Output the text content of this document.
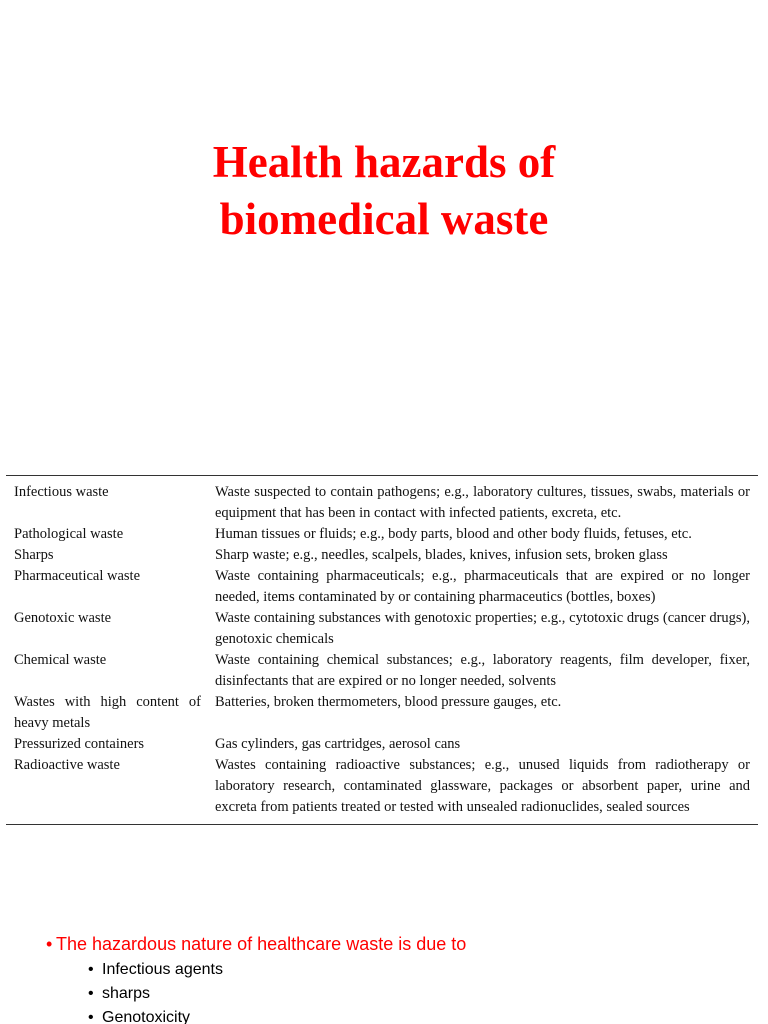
Health hazards of
biomedical waste
Infectious waste	Waste suspected to contain pathogens; e.g., laboratory cultures, tissues, swabs, materials or equipment that has been in contact with infected patients, excreta, etc.
Pathological waste	Human tissues or fluids; e.g., body parts, blood and other body fluids, fetuses, etc.
Sharps	Sharp waste; e.g., needles, scalpels, blades, knives, infusion sets, broken glass
Pharmaceutical waste	Waste containing pharmaceuticals; e.g., pharmaceuticals that are expired or no longer needed, items contaminated by or containing pharmaceutics (bottles, boxes)
Genotoxic waste	Waste containing substances with genotoxic properties; e.g., cytotoxic drugs (cancer drugs), genotoxic chemicals
Chemical waste	Waste containing chemical substances; e.g., laboratory reagents, film developer, fixer, disinfectants that are expired or no longer needed, solvents
Wastes with high content of heavy metals	Batteries, broken thermometers, blood pressure gauges, etc.
Pressurized containers	Gas cylinders, gas cartridges, aerosol cans
Radioactive waste	Wastes containing radioactive substances; e.g., unused liquids from radiotherapy or laboratory research, contaminated glassware, packages or absorbent paper, urine and excreta from patients treated or tested with unsealed radionuclides, sealed sources

• The hazardous nature of healthcare waste is due to

• Infectious agents
• sharps
• Genotoxicity
